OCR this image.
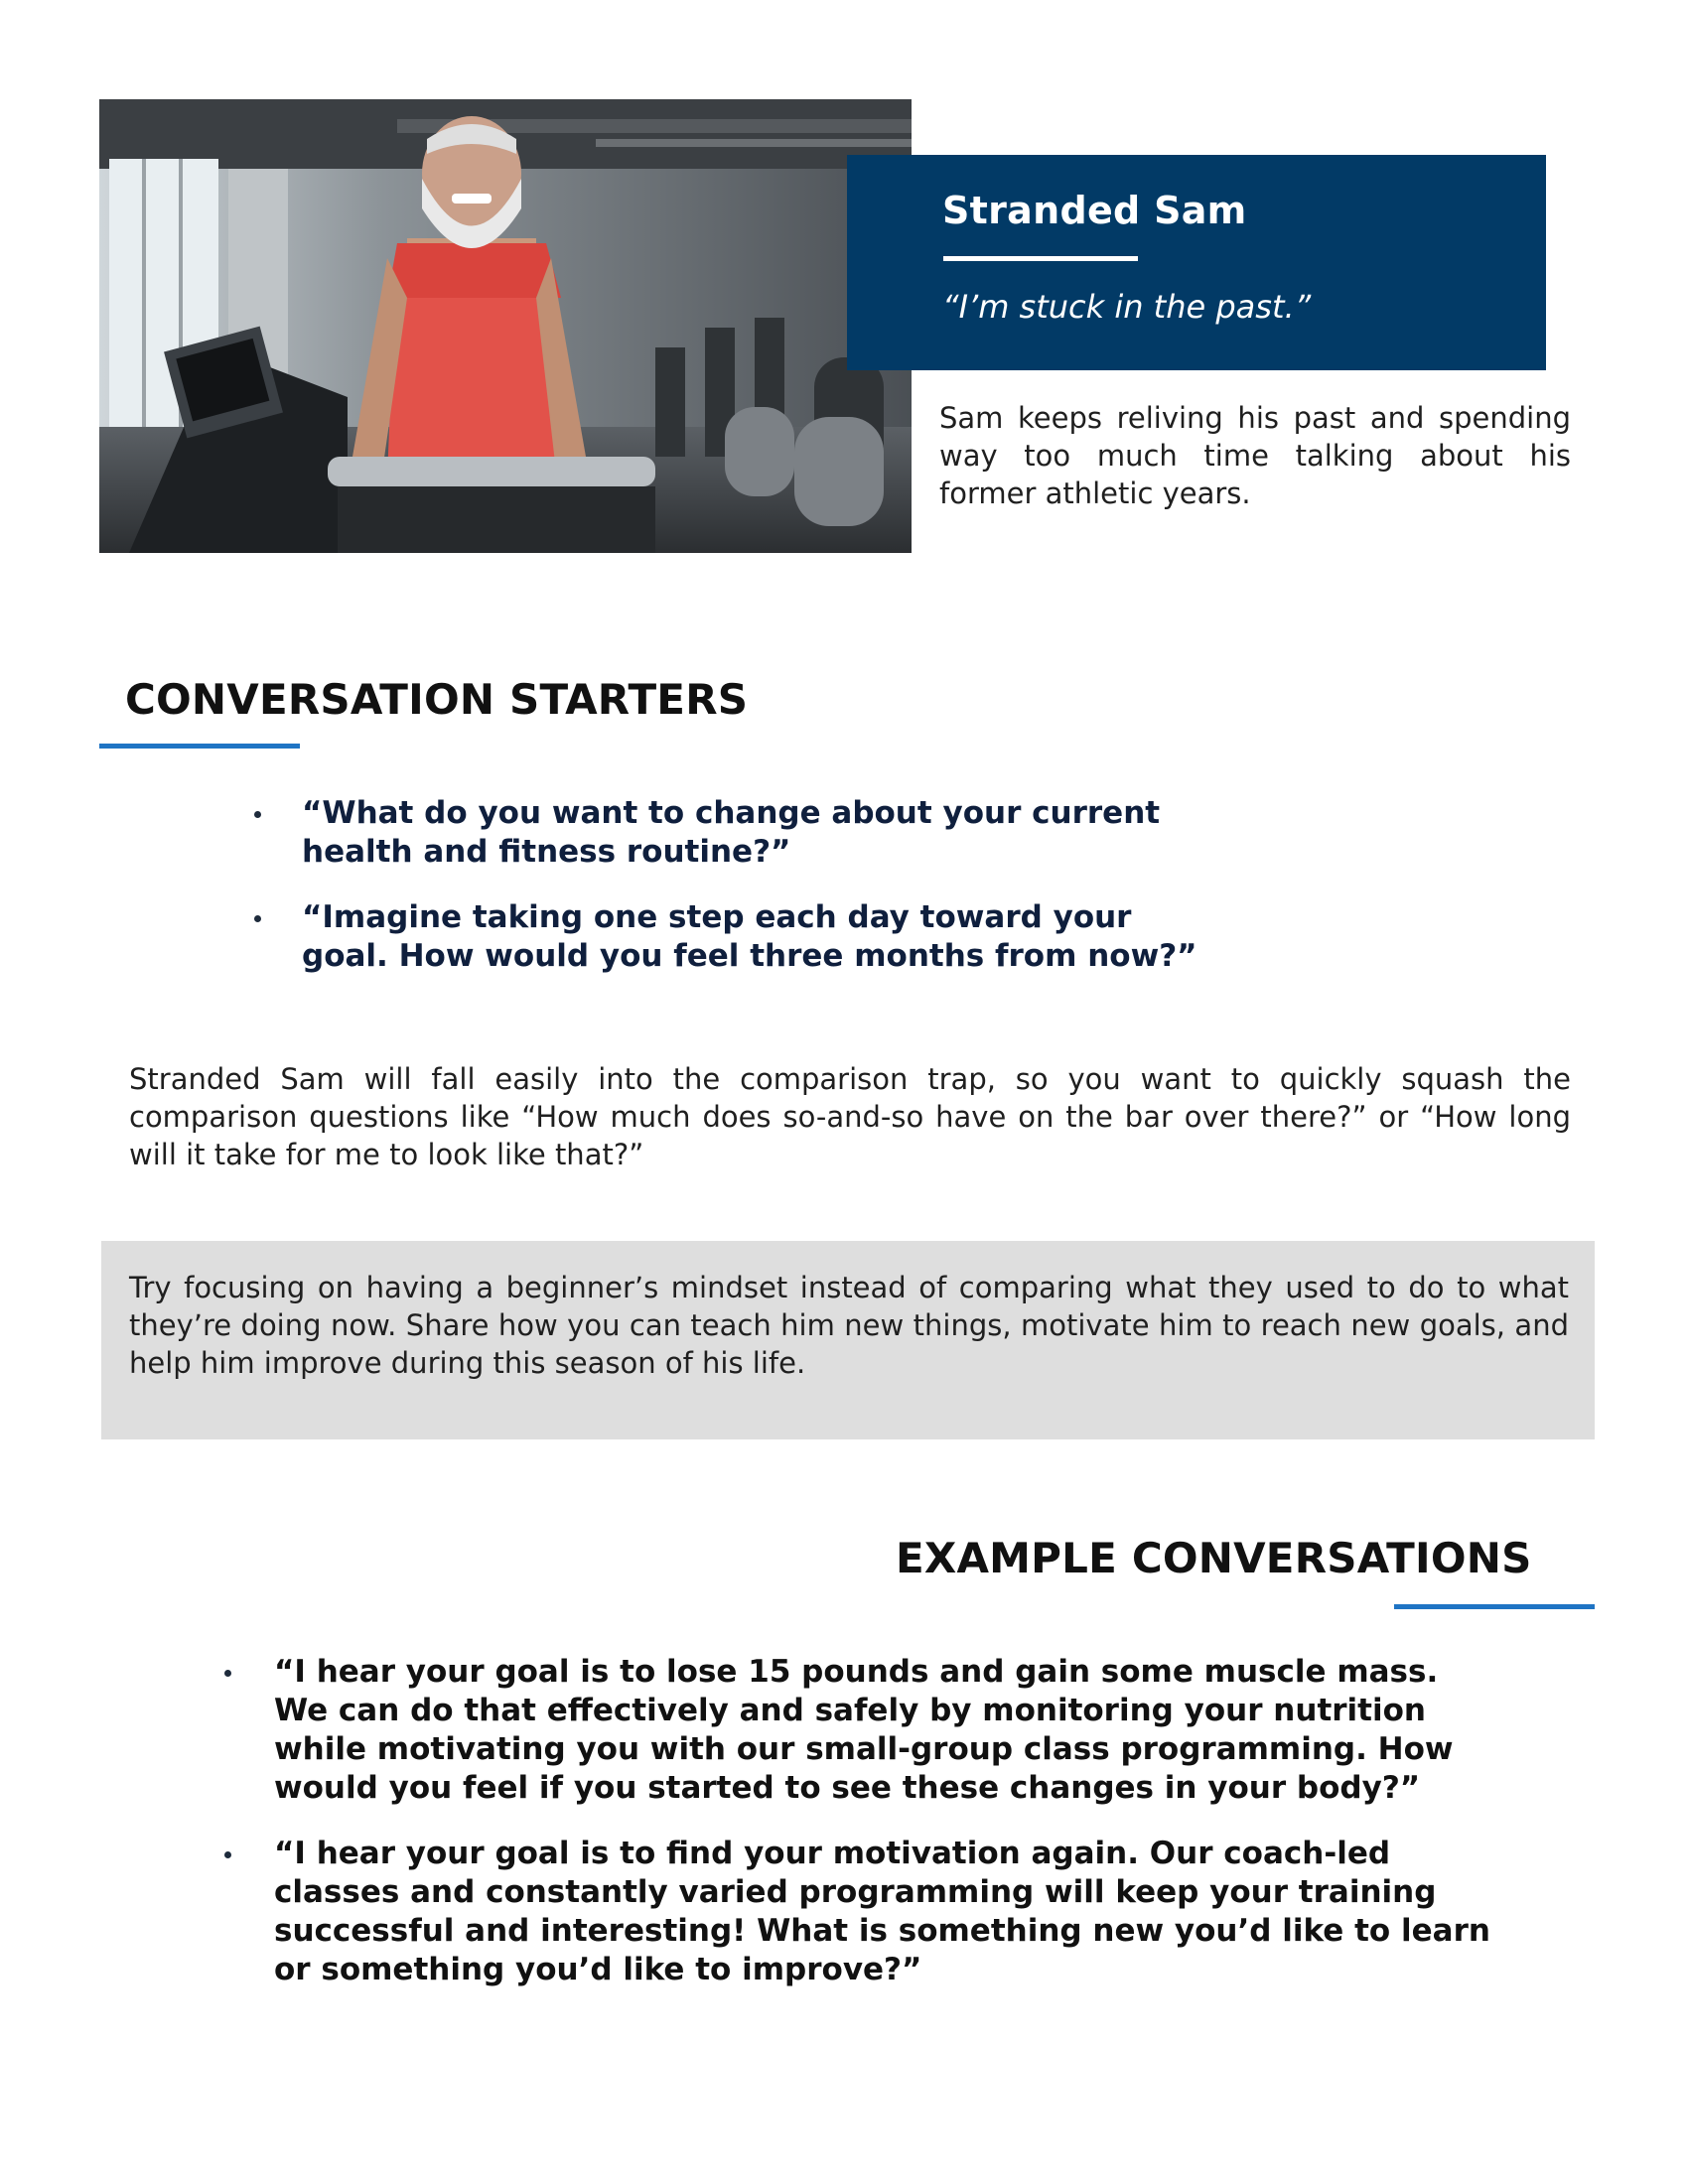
Stranded Sam
“I’m stuck in the past.”

Sam keeps reliving his past and spending way too much time talking about his former athletic years.

CONVERSATION STARTERS
“What do you want to change about your current health and fitness routine?”
“Imagine taking one step each day toward your goal. How would you feel three months from now?”

Stranded Sam will fall easily into the comparison trap, so you want to quickly squash the comparison questions like “How much does so-and-so have on the bar over there?” or “How long will it take for me to look like that?”

Try focusing on having a beginner’s mindset instead of comparing what they used to do to what they’re doing now. Share how you can teach him new things, motivate him to reach new goals, and help him improve during this season of his life.

EXAMPLE CONVERSATIONS
“I hear your goal is to lose 15 pounds and gain some muscle mass. We can do that effectively and safely by monitoring your nutrition while motivating you with our small-group class programming. How would you feel if you started to see these changes in your body?”
“I hear your goal is to find your motivation again. Our coach-led classes and constantly varied programming will keep your training successful and interesting! What is something new you’d like to learn or something you’d like to improve?”
